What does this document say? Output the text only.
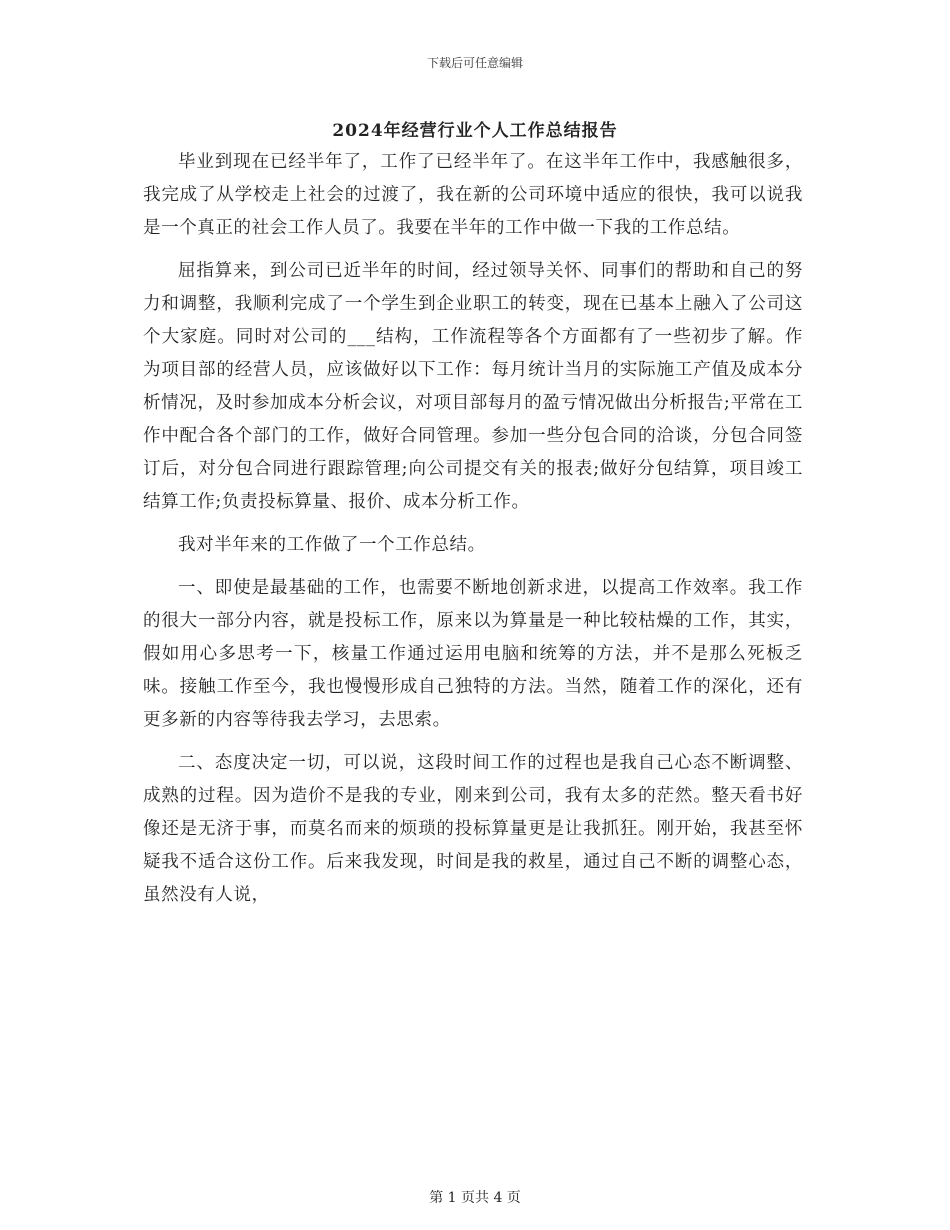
下载后可任意编辑
2024年经营行业个人工作总结报告

毕业到现在已经半年了，工作了已经半年了。在这半年工作中，我感触很多，我完成了从学校走上社会的过渡了，我在新的公司环境中适应的很快，我可以说我是一个真正的社会工作人员了。我要在半年的工作中做一下我的工作总结。

屈指算来，到公司已近半年的时间，经过领导关怀、同事们的帮助和自己的努力和调整，我顺利完成了一个学生到企业职工的转变，现在已基本上融入了公司这个大家庭。同时对公司的___结构，工作流程等各个方面都有了一些初步了解。作为项目部的经营人员，应该做好以下工作：每月统计当月的实际施工产值及成本分析情况，及时参加成本分析会议，对项目部每月的盈亏情况做出分析报告;平常在工作中配合各个部门的工作，做好合同管理。参加一些分包合同的洽谈，分包合同签订后，对分包合同进行跟踪管理;向公司提交有关的报表;做好分包结算，项目竣工结算工作;负责投标算量、报价、成本分析工作。

我对半年来的工作做了一个工作总结。

一、即使是最基础的工作，也需要不断地创新求进，以提高工作效率。我工作的很大一部分内容，就是投标工作，原来以为算量是一种比较枯燥的工作，其实，假如用心多思考一下，核量工作通过运用电脑和统筹的方法，并不是那么死板乏味。接触工作至今，我也慢慢形成自己独特的方法。当然，随着工作的深化，还有更多新的内容等待我去学习，去思索。

二、态度决定一切，可以说，这段时间工作的过程也是我自己心态不断调整、成熟的过程。因为造价不是我的专业，刚来到公司，我有太多的茫然。整天看书好像还是无济于事，而莫名而来的烦琐的投标算量更是让我抓狂。刚开始，我甚至怀疑我不适合这份工作。后来我发现，时间是我的救星，通过自己不断的调整心态，虽然没有人说，

第 1 页共 4 页
